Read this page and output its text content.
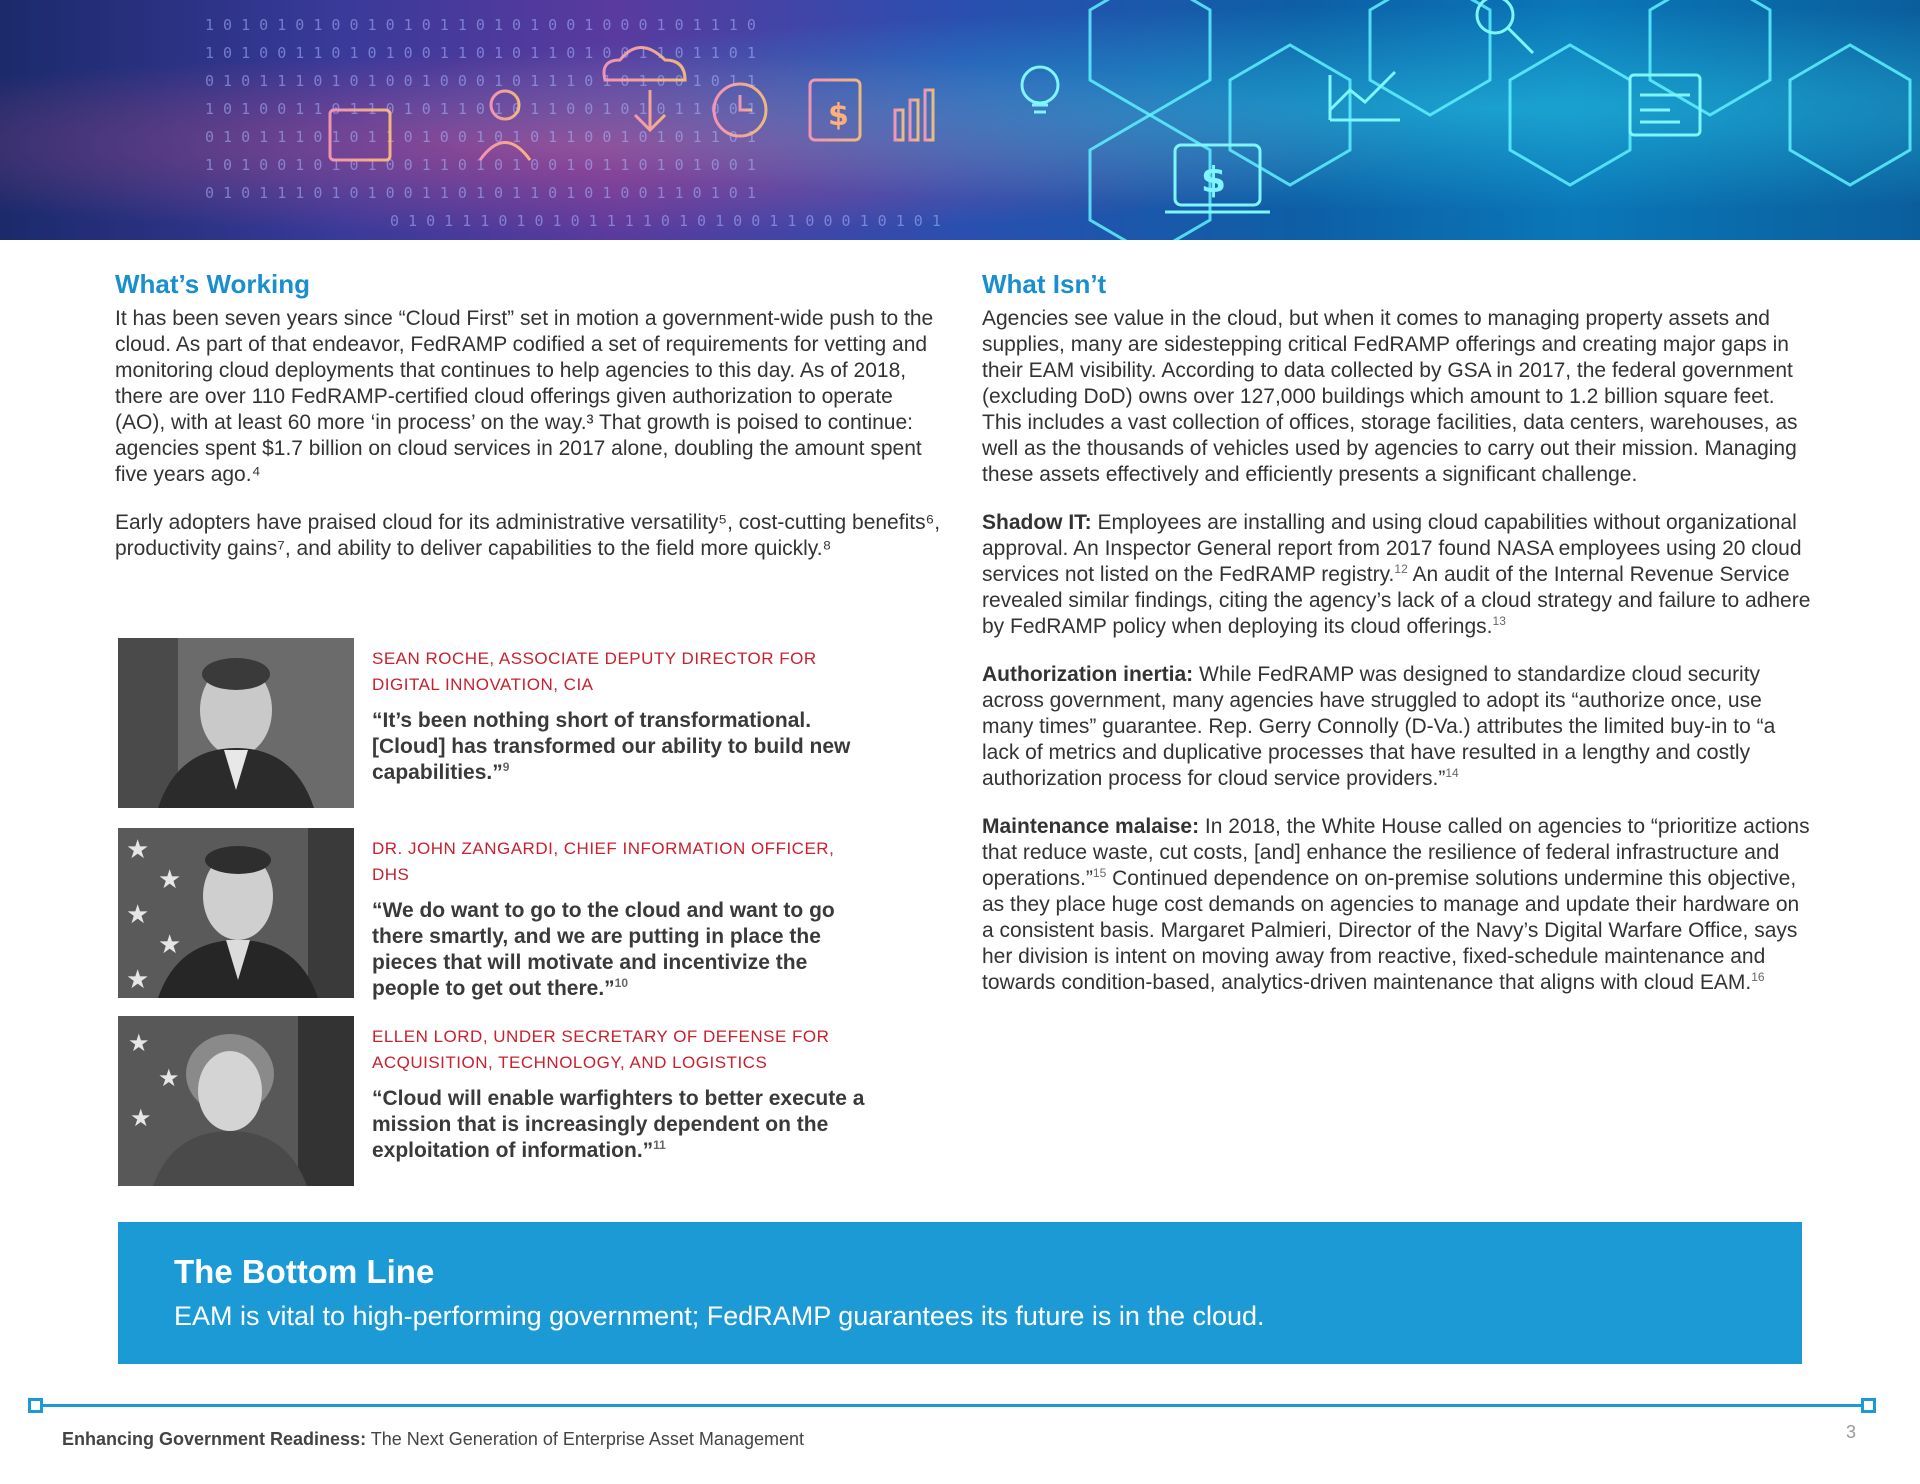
1 0 1 0 1 0 1 0 0 1 0 1 0 1 1 0 1 0 1 0 0 1 0 0 0 1 0 1 1 1 0
1 0 1 0 0 1 1 0 1 0 1 0 0 1 1 0 1 0 1 1 0 1 0 0 1 1 0 1 1 0 1
0 1 0 1 1 1 0 1 0 1 0 0 1 0 0 0 1 0 1 1 1 0 1 0 1 0 0 1 0 1 1
1 0 1 0 0 1 1 0 1 1 0 1 0 1 1 0 1 0 1 1 0 0 1 0 1 0 1 1 0 0 1
0 1 0 1 1 1 0 1 0 1 1 0 1 0 0 1 0 1 0 1 1 0 0 1 0 1 0 1 1 0 1
1 0 1 0 0 1 0 1 0 1 0 0 1 1 0 1 0 1 0 0 1 0 1 1 0 1 0 1 0 0 1
0 1 0 1 1 1 0 1 0 1 0 0 1 1 0 1 0 1 1 0 1 0 1 0 0 1 1 0 1 0 1
0 1 0 1 1 1 0 1 0 1 0 1 1 1 1 0 1 0 1 0 0 1 1 0 0 0 1 0 1 0 1
$
$
What’s Working

It has been seven years since “Cloud First” set in motion a government-wide push to the cloud. As part of that endeavor, FedRAMP codified a set of requirements for vetting and monitoring cloud deployments that continues to help agencies to this day. As of 2018, there are over 110 FedRAMP-certified cloud offerings given authorization to operate (AO), with at least 60 more ‘in process’ on the way.³ That growth is poised to continue: agencies spent $1.7 billion on cloud services in 2017 alone, doubling the amount spent five years ago.⁴

Early adopters have praised cloud for its administrative versatility⁵, cost-cutting benefits⁶, productivity gains⁷, and ability to deliver capabilities to the field more quickly.⁸

SEAN ROCHE, ASSOCIATE DEPUTY DIRECTOR FOR DIGITAL INNOVATION, CIA
“It’s been nothing short of transformational. [Cloud] has transformed our ability to build new capabilities.”$^9$
★
★
★
★
★
DR. JOHN ZANGARDI, CHIEF INFORMATION OFFICER, DHS
“We do want to go to the cloud and want to go there smartly, and we are putting in place the pieces that will motivate and incentivize the people to get out there.”$^{10}$
★
★
★
ELLEN LORD, UNDER SECRETARY OF DEFENSE FOR ACQUISITION, TECHNOLOGY, AND LOGISTICS
“Cloud will enable warfighters to better execute a mission that is increasingly dependent on the exploitation of information.”$^{11}$
What Isn’t

Agencies see value in the cloud, but when it comes to managing property assets and supplies, many are sidestepping critical FedRAMP offerings and creating major gaps in their EAM visibility. According to data collected by GSA in 2017, the federal government (excluding DoD) owns over 127,000 buildings which amount to 1.2 billion square feet. This includes a vast collection of offices, storage facilities, data centers, warehouses, as well as the thousands of vehicles used by agencies to carry out their mission. Managing these assets effectively and efficiently presents a significant challenge.

Shadow IT: Employees are installing and using cloud capabilities without organizational approval. An Inspector General report from 2017 found NASA employees using 20 cloud services not listed on the FedRAMP registry.$^{12}$ An audit of the Internal Revenue Service revealed similar findings, citing the agency’s lack of a cloud strategy and failure to adhere by FedRAMP policy when deploying its cloud offerings.$^{13}$

Authorization inertia: While FedRAMP was designed to standardize cloud security across government, many agencies have struggled to adopt its “authorize once, use many times” guarantee. Rep. Gerry Connolly (D-Va.) attributes the limited buy-in to “a lack of metrics and duplicative processes that have resulted in a lengthy and costly authorization process for cloud service providers.”$^{14}$

Maintenance malaise: In 2018, the White House called on agencies to “prioritize actions that reduce waste, cut costs, [and] enhance the resilience of federal infrastructure and operations.”$^{15}$ Continued dependence on on-premise solutions undermine this objective, as they place huge cost demands on agencies to manage and update their hardware on a consistent basis. Margaret Palmieri, Director of the Navy’s Digital Warfare Office, says her division is intent on moving away from reactive, fixed-schedule maintenance and towards condition-based, analytics-driven maintenance that aligns with cloud EAM.$^{16}$

The Bottom Line
EAM is vital to high-performing government; FedRAMP guarantees its future is in the cloud.
Enhancing Government Readiness: The Next Generation of Enterprise Asset Management	3
